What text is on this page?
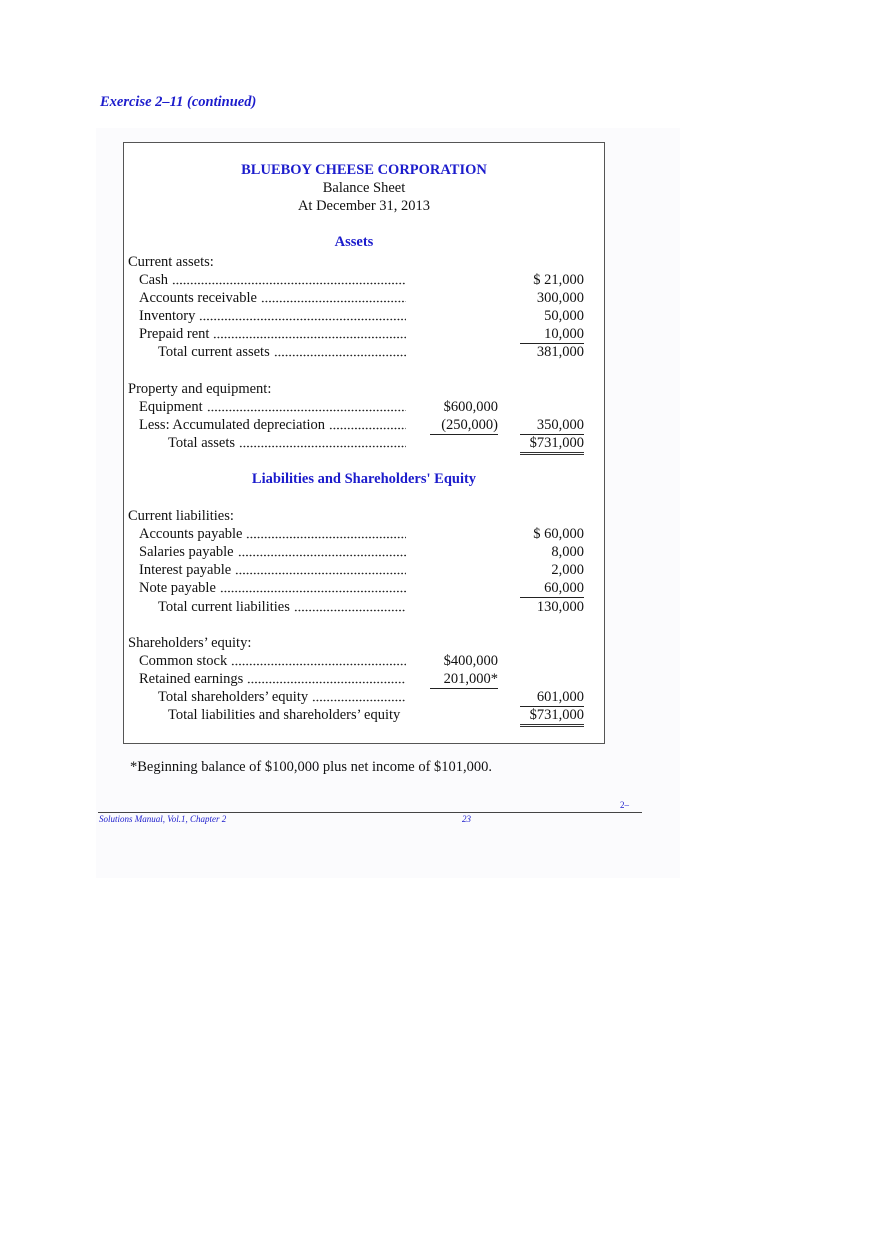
Exercise 2–11 (continued)
BLUEBOY CHEESE CORPORATION
Balance Sheet
At December 31, 2013
Assets
Liabilities and Shareholders' Equity
Current assets:
Cash	$ 21,000
Accounts receivable	300,000
Inventory	50,000
Prepaid rent	10,000
Total current assets	381,000
Property and equipment:
Equipment	$600,000
Less: Accumulated depreciation	(250,000)	350,000
Total assets	$731,000
Current liabilities:
Accounts payable	$ 60,000
Salaries payable	8,000
Interest payable	2,000
Note payable	60,000
Total current liabilities	130,000
Shareholders’ equity:
Common stock	$400,000
Retained earnings	201,000*
Total shareholders’ equity	601,000
Total liabilities and shareholders’ equity	$731,000
*Beginning balance of $100,000 plus net income of $101,000.
2–
Solutions Manual, Vol.1, Chapter 2	23
